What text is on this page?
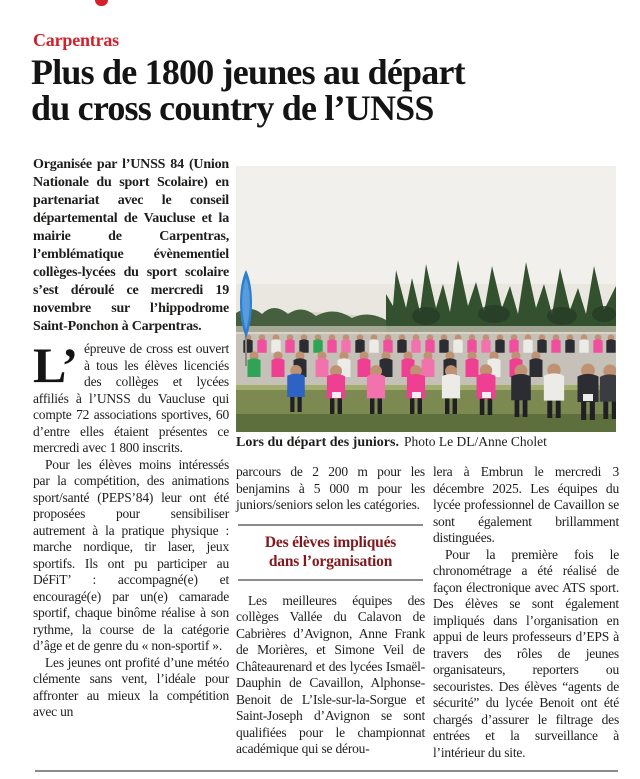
Carpentras
Plus de 1800 jeunes au départ
du cross country de l’UNSS
Organisée par l’UNSS 84 (Union Nationale du sport Scolaire) en partenariat avec le conseil départemental de Vaucluse et la mairie de Carpentras, l’emblématique évènementiel collèges-lycées du sport scolaire s’est déroulé ce mercredi 19 novembre sur l’hippodrome Saint-Ponchon à Carpentras.
Lors du départ des juniors. Photo Le DL/Anne Cholet

L’ épreuve de cross est ouvert à tous les élèves licenciés des collèges et lycées affiliés à l’UNSS du Vaucluse qui compte 72 associations sportives, 60 d’entre elles étaient présentes ce mercredi avec 1 800 inscrits.

Pour les élèves moins intéressés par la compétition, des animations sport/santé (PEPS’84) leur ont été proposées pour sensibiliser autrement à la pratique physique : marche nordique, tir laser, jeux sportifs. Ils ont pu participer au DéFiT’ : accompagné(e) et encouragé(e) par un(e) camarade sportif, chaque binôme réalise à son rythme, la course de la catégorie d’âge et de genre du « non-sportif ».

Les jeunes ont profité d’une météo clémente sans vent, l’idéale pour affronter au mieux la compétition avec un

parcours de 2 200 m pour les benjamins à 5 000 m pour les juniors/seniors selon les catégories.

Des élèves impliqués
dans l’organisation

Les meilleures équipes des collèges Vallée du Calavon de Cabrières d’Avignon, Anne Frank de Morières, et Simone Veil de Châteaurenard et des lycées Ismaël-Dauphin de Cavaillon, Alphonse-Benoit de L’Isle-sur-la-Sorgue et Saint-Joseph d’Avignon se sont qualifiées pour le championnat académique qui se dérou-

lera à Embrun le mercredi 3 décembre 2025. Les équipes du lycée professionnel de Cavaillon se sont également brillamment distinguées.

Pour la première fois le chronométrage a été réalisé de façon électronique avec ATS sport. Des élèves se sont également impliqués dans l’organisation en appui de leurs professeurs d’EPS à travers des rôles de jeunes organisateurs, reporters ou secouristes. Des élèves “agents de sécurité” du lycée Benoit ont été chargés d’assurer le filtrage des entrées et la surveillance à l’intérieur du site.
